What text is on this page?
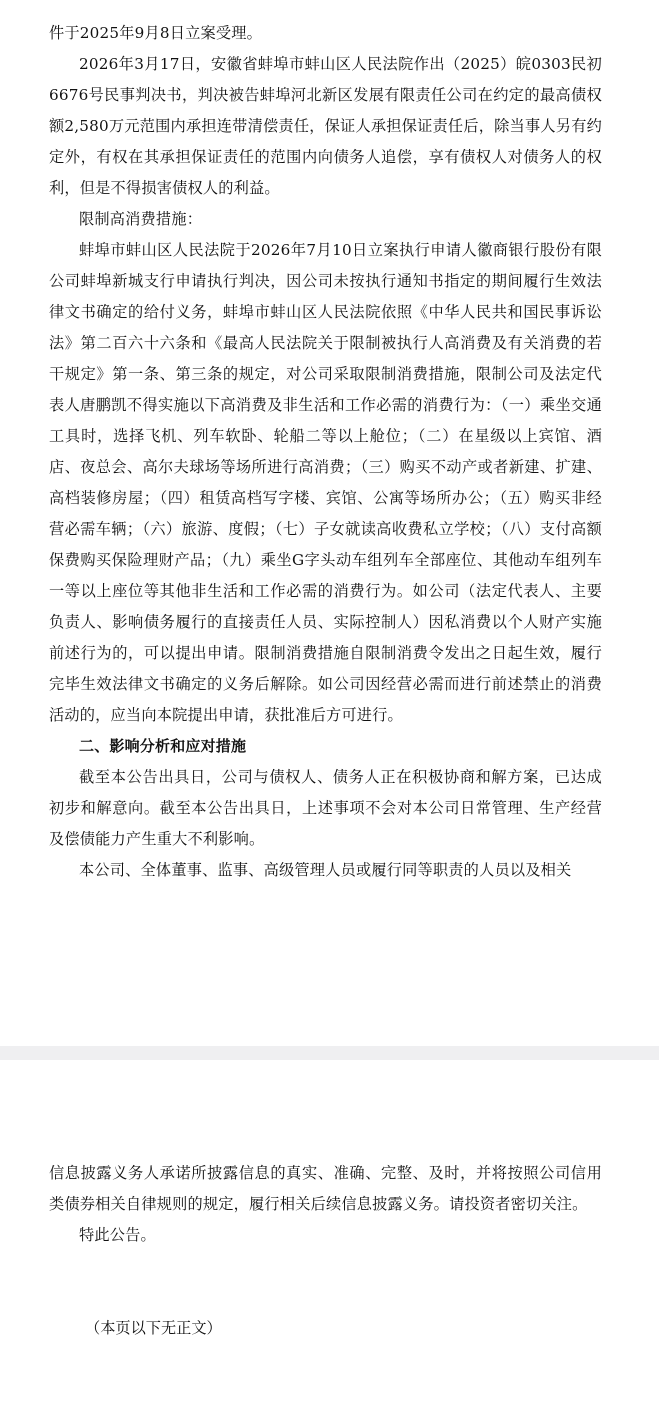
件于2025年9月8日立案受理。

2026年3月17日，安徽省蚌埠市蚌山区人民法院作出（2025）皖0303民初6676号民事判决书，判决被告蚌埠河北新区发展有限责任公司在约定的最高债权额2,580万元范围内承担连带清偿责任，保证人承担保证责任后，除当事人另有约定外，有权在其承担保证责任的范围内向债务人追偿，享有债权人对债务人的权利，但是不得损害债权人的利益。

限制高消费措施：

蚌埠市蚌山区人民法院于2026年7月10日立案执行申请人徽商银行股份有限公司蚌埠新城支行申请执行判决，因公司未按执行通知书指定的期间履行生效法律文书确定的给付义务，蚌埠市蚌山区人民法院依照《中华人民共和国民事诉讼法》第二百六十六条和《最高人民法院关于限制被执行人高消费及有关消费的若干规定》第一条、第三条的规定，对公司采取限制消费措施，限制公司及法定代表人唐鹏凯不得实施以下高消费及非生活和工作必需的消费行为：（一）乘坐交通工具时，选择飞机、列车软卧、轮船二等以上舱位；（二）在星级以上宾馆、酒店、夜总会、高尔夫球场等场所进行高消费；（三）购买不动产或者新建、扩建、高档装修房屋；（四）租赁高档写字楼、宾馆、公寓等场所办公；（五）购买非经营必需车辆；（六）旅游、度假；（七）子女就读高收费私立学校；（八）支付高额保费购买保险理财产品；（九）乘坐G字头动车组列车全部座位、其他动车组列车一等以上座位等其他非生活和工作必需的消费行为。如公司（法定代表人、主要负责人、影响债务履行的直接责任人员、实际控制人）因私消费以个人财产实施前述行为的，可以提出申请。限制消费措施自限制消费令发出之日起生效，履行完毕生效法律文书确定的义务后解除。如公司因经营必需而进行前述禁止的消费活动的，应当向本院提出申请，获批准后方可进行。

二、影响分析和应对措施

截至本公告出具日，公司与债权人、债务人正在积极协商和解方案，已达成初步和解意向。截至本公告出具日，上述事项不会对本公司日常管理、生产经营及偿债能力产生重大不利影响。

本公司、全体董事、监事、高级管理人员或履行同等职责的人员以及相关

信息披露义务人承诺所披露信息的真实、准确、完整、及时，并将按照公司信用类债券相关自律规则的规定，履行相关后续信息披露义务。请投资者密切关注。

特此公告。

（本页以下无正文）
